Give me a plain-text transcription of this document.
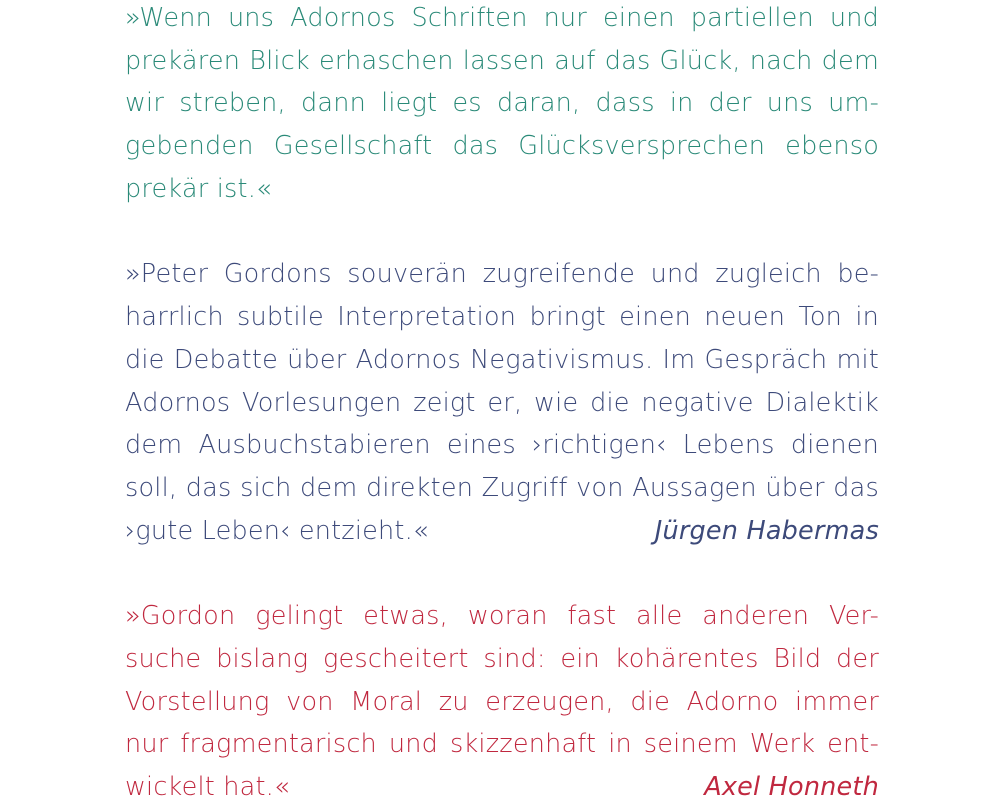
»Wenn uns Adornos Schriften nur einen partiellen und
prekären Blick erhaschen lassen auf das Glück, nach dem
wir streben, dann liegt es daran, dass in der uns um-
gebenden Gesellschaft das Glücksversprechen ebenso
prekär ist.«
»Peter Gordons souverän zugreifende und zugleich be-
harrlich subtile Interpretation bringt einen neuen Ton in
die Debatte über Adornos Negativismus. Im Gespräch mit
Adornos Vorlesungen zeigt er, wie die negative Dialektik
dem Ausbuchstabieren eines ›richtigen‹ Lebens dienen
soll, das sich dem direkten Zugriff von Aussagen über das
›gute Leben‹ entzieht.«	Jürgen Habermas
»Gordon gelingt etwas, woran fast alle anderen Ver-
suche bislang gescheitert sind: ein kohärentes Bild der
Vorstellung von Moral zu erzeugen, die Adorno immer
nur fragmentarisch und skizzenhaft in seinem Werk ent-
wickelt hat.«	Axel Honneth
